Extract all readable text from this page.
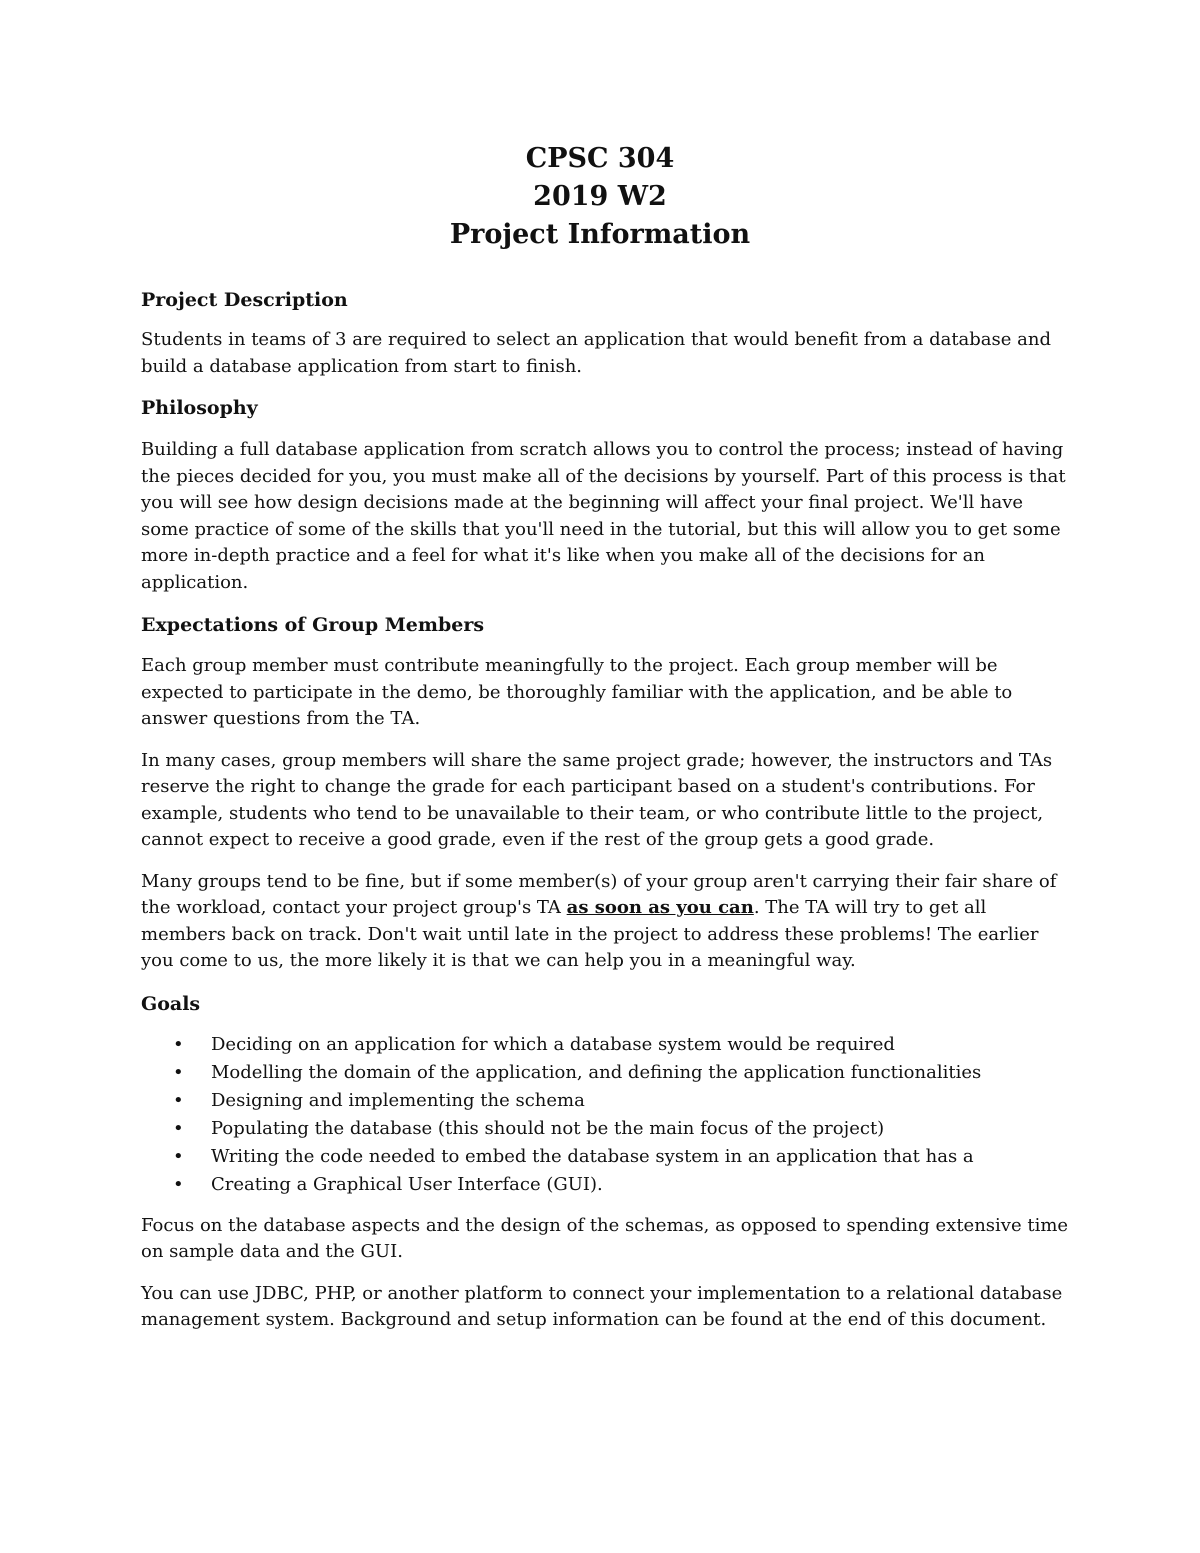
CPSC 304
2019 W2
Project Information
Project Description

Students in teams of 3 are required to select an application that would benefit from a database and build a database application from start to finish.

Philosophy

Building a full database application from scratch allows you to control the process; instead of having the pieces decided for you, you must make all of the decisions by yourself. Part of this process is that you will see how design decisions made at the beginning will affect your final project. We'll have some practice of some of the skills that you'll need in the tutorial, but this will allow you to get some more in-depth practice and a feel for what it's like when you make all of the decisions for an application.

Expectations of Group Members

Each group member must contribute meaningfully to the project. Each group member will be expected to participate in the demo, be thoroughly familiar with the application, and be able to answer questions from the TA.

In many cases, group members will share the same project grade; however, the instructors and TAs reserve the right to change the grade for each participant based on a student's contributions. For example, students who tend to be unavailable to their team, or who contribute little to the project, cannot expect to receive a good grade, even if the rest of the group gets a good grade.

Many groups tend to be fine, but if some member(s) of your group aren't carrying their fair share of the workload, contact your project group's TA as soon as you can. The TA will try to get all members back on track. Don't wait until late in the project to address these problems! The earlier you come to us, the more likely it is that we can help you in a meaningful way.

Goals
• Deciding on an application for which a database system would be required
• Modelling the domain of the application, and defining the application functionalities
• Designing and implementing the schema
• Populating the database (this should not be the main focus of the project)
• Writing the code needed to embed the database system in an application that has a
• Creating a Graphical User Interface (GUI).

Focus on the database aspects and the design of the schemas, as opposed to spending extensive time on sample data and the GUI.

You can use JDBC, PHP, or another platform to connect your implementation to a relational database management system. Background and setup information can be found at the end of this document.
